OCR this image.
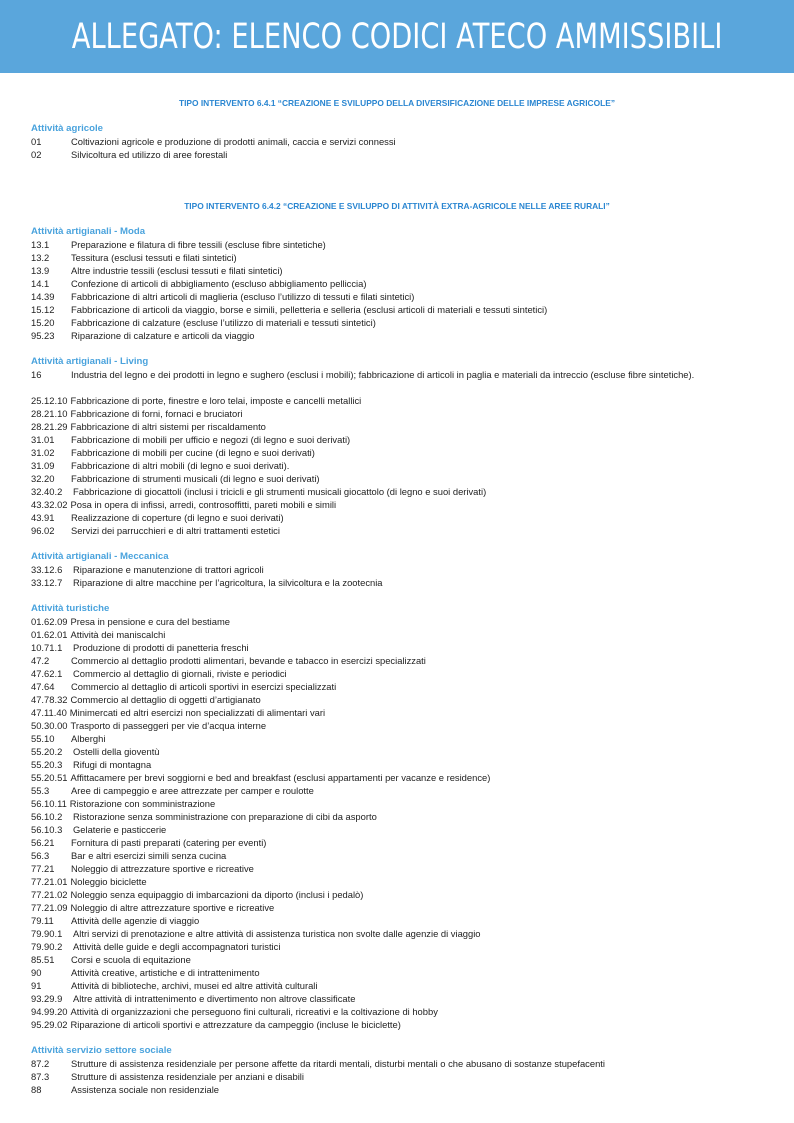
ALLEGATO: ELENCO CODICI ATECO AMMISSIBILI
TIPO INTERVENTO 6.4.1 “CREAZIONE E SVILUPPO DELLA DIVERSIFICAZIONE DELLE IMPRESE AGRICOLE”
Attività agricole
01	Coltivazioni agricole e produzione di prodotti animali, caccia e servizi connessi
02	Silvicoltura ed utilizzo di aree forestali
TIPO INTERVENTO 6.4.2 “CREAZIONE E SVILUPPO DI ATTIVITÀ EXTRA-AGRICOLE NELLE AREE RURALI”
Attività artigianali - Moda
13.1 Preparazione e filatura di fibre tessili (escluse fibre sintetiche)
13.2 Tessitura (esclusi tessuti e filati sintetici)
13.9 Altre industrie tessili (esclusi tessuti e filati sintetici)
14.1 Confezione di articoli di abbigliamento (escluso abbigliamento pelliccia)
14.39 Fabbricazione di altri articoli di maglieria (escluso l’utilizzo di tessuti e filati sintetici)
15.12 Fabbricazione di articoli da viaggio, borse e simili, pelletteria e selleria (esclusi articoli di materiali e tessuti sintetici)
15.20 Fabbricazione di calzature (escluse l’utilizzo di materiali e tessuti sintetici)
95.23 Riparazione di calzature e articoli da viaggio
Attività artigianali - Living
16	Industria del legno e dei prodotti in legno e sughero (esclusi i mobili); fabbricazione di articoli in paglia e materiali da intreccio (escluse fibre sintetiche).
25.12.10 Fabbricazione di porte, finestre e loro telai, imposte e cancelli metallici
28.21.10 Fabbricazione di forni, fornaci e bruciatori
28.21.29 Fabbricazione di altri sistemi per riscaldamento
31.01 Fabbricazione di mobili per ufficio e negozi (di legno e suoi derivati)
31.02 Fabbricazione di mobili per cucine (di legno e suoi derivati)
31.09 Fabbricazione di altri mobili (di legno e suoi derivati).
32.20 Fabbricazione di strumenti musicali (di legno e suoi derivati)
32.40.2 Fabbricazione di giocattoli (inclusi i tricicli e gli strumenti musicali giocattolo (di legno e suoi derivati)
43.32.02 Posa in opera di infissi, arredi, controsoffitti, pareti mobili e simili
43.91 Realizzazione di coperture (di legno e suoi derivati)
96.02 Servizi dei parrucchieri e di altri trattamenti estetici
Attività artigianali - Meccanica
33.12.6 Riparazione e manutenzione di trattori agricoli
33.12.7 Riparazione di altre macchine per l’agricoltura, la silvicoltura e la zootecnia
Attività turistiche
01.62.09 Presa in pensione e cura del bestiame
01.62.01 Attività dei maniscalchi
10.71.1 Produzione di prodotti di panetteria freschi
47.2 Commercio al dettaglio prodotti alimentari, bevande e tabacco in esercizi specializzati
47.62.1 Commercio al dettaglio di giornali, riviste e periodici
47.64 Commercio al dettaglio di articoli sportivi in esercizi specializzati
47.78.32 Commercio al dettaglio di oggetti d’artigianato
47.11.40 Minimercati ed altri esercizi non specializzati di alimentari vari
50.30.00 Trasporto di passeggeri per vie d’acqua interne
55.10 Alberghi
55.20.2 Ostelli della gioventù
55.20.3 Rifugi di montagna
55.20.51 Affittacamere per brevi soggiorni e bed and breakfast (esclusi appartamenti per vacanze e residence)
55.3 Aree di campeggio e aree attrezzate per camper e roulotte
56.10.11 Ristorazione con somministrazione
56.10.2 Ristorazione senza somministrazione con preparazione di cibi da asporto
56.10.3 Gelaterie e pasticcerie
56.21 Fornitura di pasti preparati (catering per eventi)
56.3 Bar e altri esercizi simili senza cucina
77.21 Noleggio di attrezzature sportive e ricreative
77.21.01 Noleggio biciclette
77.21.02 Noleggio senza equipaggio di imbarcazioni da diporto (inclusi i pedalò)
77.21.09 Noleggio di altre attrezzature sportive e ricreative
79.11 Attività delle agenzie di viaggio
79.90.1 Altri servizi di prenotazione e altre attività di assistenza turistica non svolte dalle agenzie di viaggio
79.90.2 Attività delle guide e degli accompagnatori turistici
85.51 Corsi e scuola di equitazione
90	Attività creative, artistiche e di intrattenimento
91	Attività di biblioteche, archivi, musei ed altre attività culturali
93.29.9 Altre attività di intrattenimento e divertimento non altrove classificate
94.99.20 Attività di organizzazioni che perseguono fini culturali, ricreativi e la coltivazione di hobby
95.29.02 Riparazione di articoli sportivi e attrezzature da campeggio (incluse le biciclette)
Attività servizio settore sociale
87.2 Strutture di assistenza residenziale per persone affette da ritardi mentali, disturbi mentali o che abusano di sostanze stupefacenti
87.3 Strutture di assistenza residenziale per anziani e disabili
88	Assistenza sociale non residenziale
